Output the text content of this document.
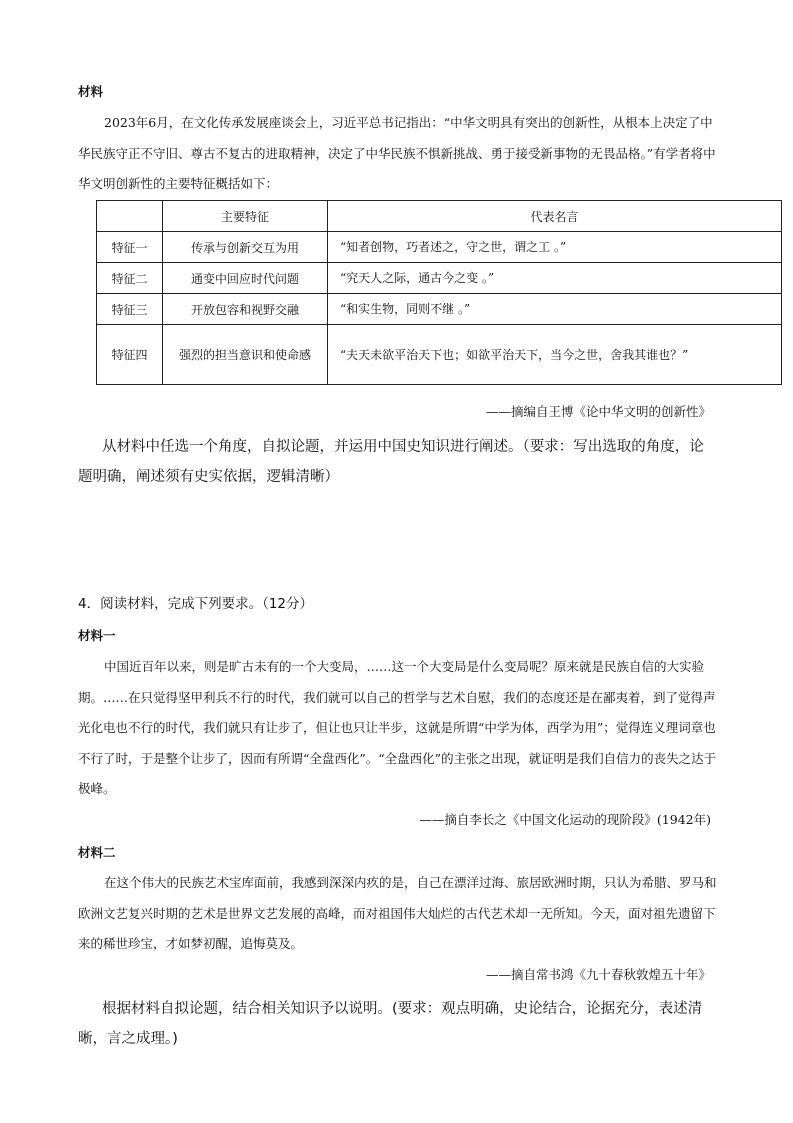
材料

2023年6月，在文化传承发展座谈会上，习近平总书记指出：“中华文明具有突出的创新性，从根本上决定了中华民族守正不守旧、尊古不复古的进取精神，决定了中华民族不惧新挑战、勇于接受新事物的无畏品格。”有学者将中华文明创新性的主要特征概括如下：

	主要特征	代表名言
特征一	传承与创新交互为用	“知者创物，巧者述之，守之世，谓之工 。”
特征二	通变中回应时代问题	“究天人之际，通古今之变 。”
特征三	开放包容和视野交融	“和实生物，同则不继 。”
特征四	强烈的担当意识和使命感	“夫天未欲平治天下也；如欲平治天下，当今之世，舍我其谁也？”
——摘编自王博《论中华文明的创新性》
从材料中任选一个角度，自拟论题，并运用中国史知识进行阐述。（要求：写出选取的角度，论题明确，阐述须有史实依据，逻辑清晰）
4．阅读材料，完成下列要求。（12分）
材料一

中国近百年以来，则是旷古未有的一个大变局，……这一个大变局是什么变局呢？原来就是民族自信的大实验期。……在只觉得坚甲利兵不行的时代，我们就可以自己的哲学与艺术自慰，我们的态度还是在鄙夷着，到了觉得声光化电也不行的时代，我们就只有让步了，但让也只让半步，这就是所谓“中学为体，西学为用”；觉得连义理词章也不行了时，于是整个让步了，因而有所谓“全盘西化”。“全盘西化”的主张之出现，就证明是我们自信力的丧失之达于极峰。

——摘自李长之《中国文化运动的现阶段》(1942年)
材料二

在这个伟大的民族艺术宝库面前，我感到深深内疚的是，自己在漂洋过海、旅居欧洲时期，只认为希腊、罗马和欧洲文艺复兴时期的艺术是世界文艺发展的高峰，而对祖国伟大灿烂的古代艺术却一无所知。今天，面对祖先遗留下来的稀世珍宝，才如梦初醒，追悔莫及。

——摘自常书鸿《九十春秋敦煌五十年》
根据材料自拟论题，结合相关知识予以说明。(要求：观点明确，史论结合，论据充分，表述清晰，言之成理。)
